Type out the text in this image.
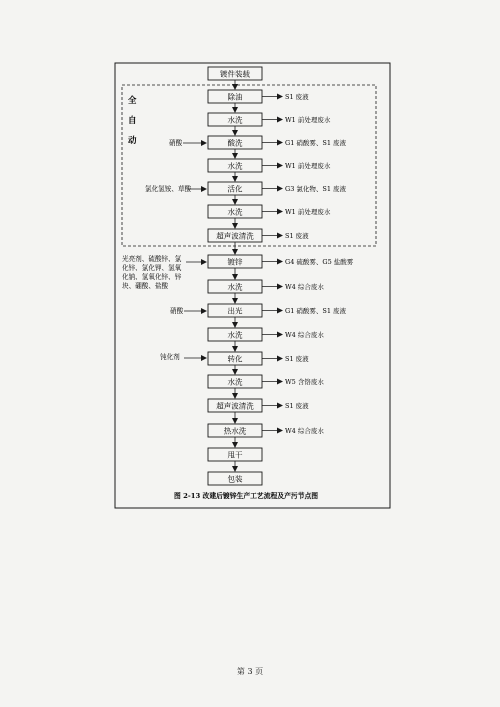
镀件装载
除油
水洗
酸洗
水洗
活化
水洗
超声波清洗
镀锌
水洗
出光
水洗
转化
水洗
超声波清洗
热水洗
甩干
包装
S1 废液
W1 前处理废水
G1 硝酸雾、S1 废液
W1 前处理废水
G3 氯化物、S1 废液
W1 前处理废水
S1 废液
G4 硫酸雾、G5 盐酸雾
W4 综合废水
G1 硝酸雾、S1 废液
W4 综合废水
S1 废液
W5 含铬废水
S1 废液
W4 综合废水
全
自
动	硝酸
氯化氢铵、草酸
光亮剂、硫酸锌、氯
化锌、氯化钾、氢氧
化钠、氢氧化锌、锌
块、硼酸、盐酸
硝酸
钝化剂
图 2-13 改建后镀锌生产工艺流程及产污节点图
第 3 页
